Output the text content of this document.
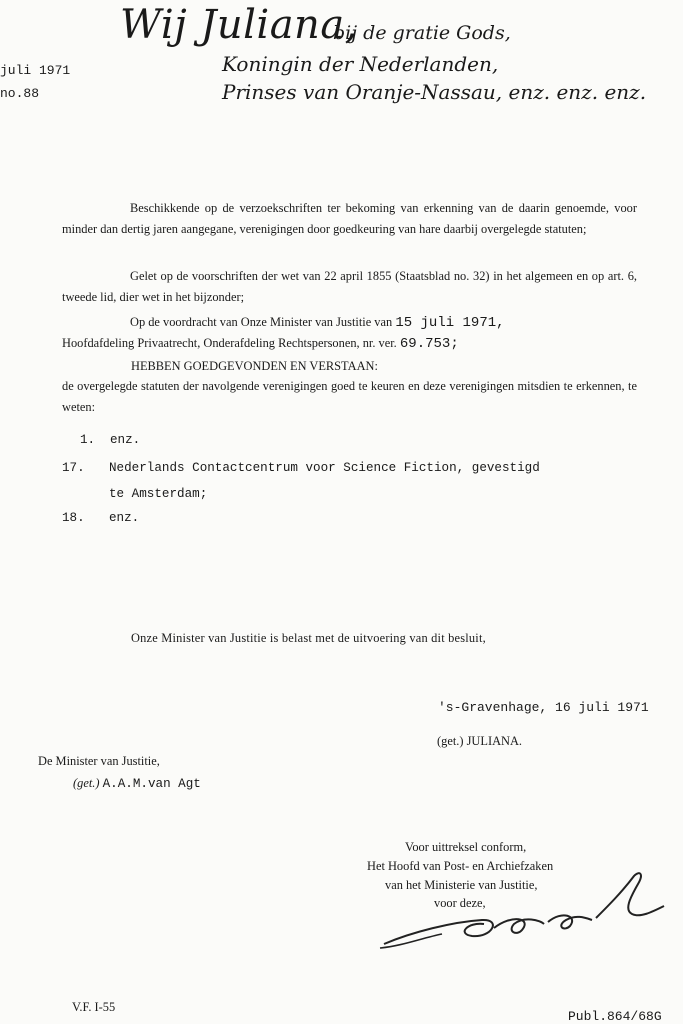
Wij Juliana,
bij de gratie Gods,
Koningin der Nederlanden,
Prinses van Oranje-Nassau, enz. enz. enz.
juli 1971
no.88
Beschikkende op de verzoekschriften ter bekoming van erkenning van de daarin genoemde, voor minder dan dertig jaren aangegane, verenigingen door goedkeuring van hare daarbij overgelegde statuten;
Gelet op de voorschriften der wet van 22 april 1855 (Staatsblad no. 32) in het algemeen en op art. 6, tweede lid, dier wet in het bijzonder;
Op de voordracht van Onze Minister van Justitie van 15 juli 1971,
Hoofdafdeling Privaatrecht, Onderafdeling Rechtspersonen, nr. ver. 69.753;
HEBBEN GOEDGEVONDEN EN VERSTAAN:
de overgelegde statuten der navolgende verenigingen goed te keuren en deze verenigingen mitsdien te erkennen, te weten:
1. enz.
17. Nederlands Contactcentrum voor Science Fiction, gevestigd
te Amsterdam;
18. enz.
Onze Minister van Justitie is belast met de uitvoering van dit besluit,
's-Gravenhage, 16 juli 1971
(get.) JULIANA.
De Minister van Justitie,
(get.) A.A.M.van Agt
Voor uittreksel conform,
Het Hoofd van Post- en Archiefzaken
van het Ministerie van Justitie,
voor deze,
V.F. I-55
Publ.864/68G
